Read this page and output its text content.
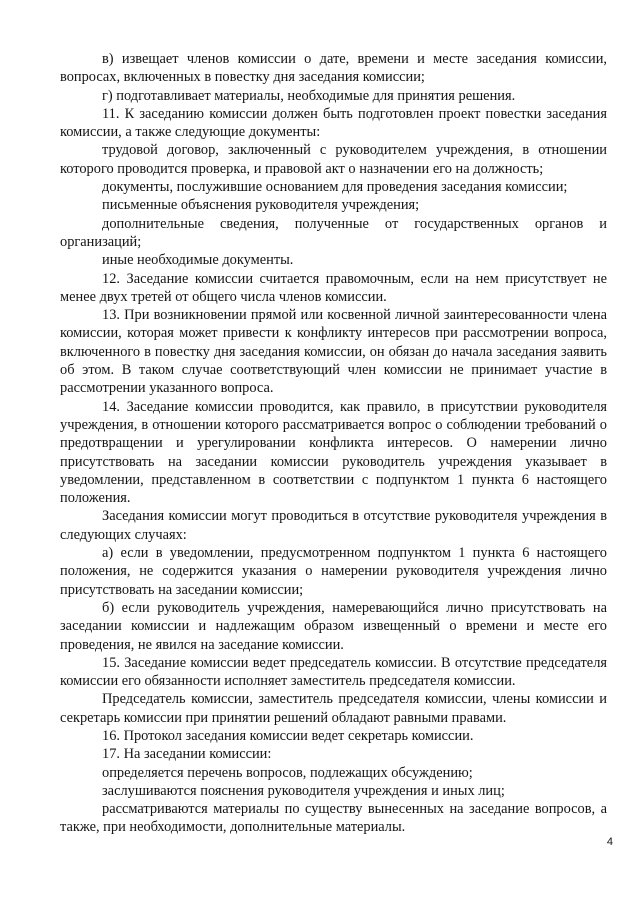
в) извещает членов комиссии о дате, времени и месте заседания комиссии, вопросах, включенных в повестку дня заседания комиссии;

г) подготавливает материалы, необходимые для принятия решения.

11. К заседанию комиссии должен быть подготовлен проект повестки заседания комиссии, а также следующие документы:

трудовой договор, заключенный с руководителем учреждения, в отношении которого проводится проверка, и правовой акт о назначении его на должность;

документы, послужившие основанием для проведения заседания комиссии;

письменные объяснения руководителя учреждения;

дополнительные сведения, полученные от государственных органов и организаций;

иные необходимые документы.

12. Заседание комиссии считается правомочным, если на нем присутствует не менее двух третей от общего числа членов комиссии.

13. При возникновении прямой или косвенной личной заинтересованности члена комиссии, которая может привести к конфликту интересов при рассмотрении вопроса, включенного в повестку дня заседания комиссии, он обязан до начала заседания заявить об этом. В таком случае соответствующий член комиссии не принимает участие в рассмотрении указанного вопроса.

14. Заседание комиссии проводится, как правило, в присутствии руководителя учреждения, в отношении которого рассматривается вопрос о соблюдении требований о предотвращении и урегулировании конфликта интересов. О намерении лично присутствовать на заседании комиссии руководитель учреждения указывает в уведомлении, представленном в соответствии с подпунктом 1 пункта 6 настоящего положения.

Заседания комиссии могут проводиться в отсутствие руководителя учреждения в следующих случаях:

а) если в уведомлении, предусмотренном подпунктом 1 пункта 6 настоящего положения, не содержится указания о намерении руководителя учреждения лично присутствовать на заседании комиссии;

б) если руководитель учреждения, намеревающийся лично присутствовать на заседании комиссии и надлежащим образом извещенный о времени и месте его проведения, не явился на заседание комиссии.

15. Заседание комиссии ведет председатель комиссии. В отсутствие председателя комиссии его обязанности исполняет заместитель председателя комиссии.

Председатель комиссии, заместитель председателя комиссии, члены комиссии и секретарь комиссии при принятии решений обладают равными правами.

16. Протокол заседания комиссии ведет секретарь комиссии.

17. На заседании комиссии:

определяется перечень вопросов, подлежащих обсуждению;

заслушиваются пояснения руководителя учреждения и иных лиц;

рассматриваются материалы по существу вынесенных на заседание вопросов, а также, при необходимости, дополнительные материалы.

4
